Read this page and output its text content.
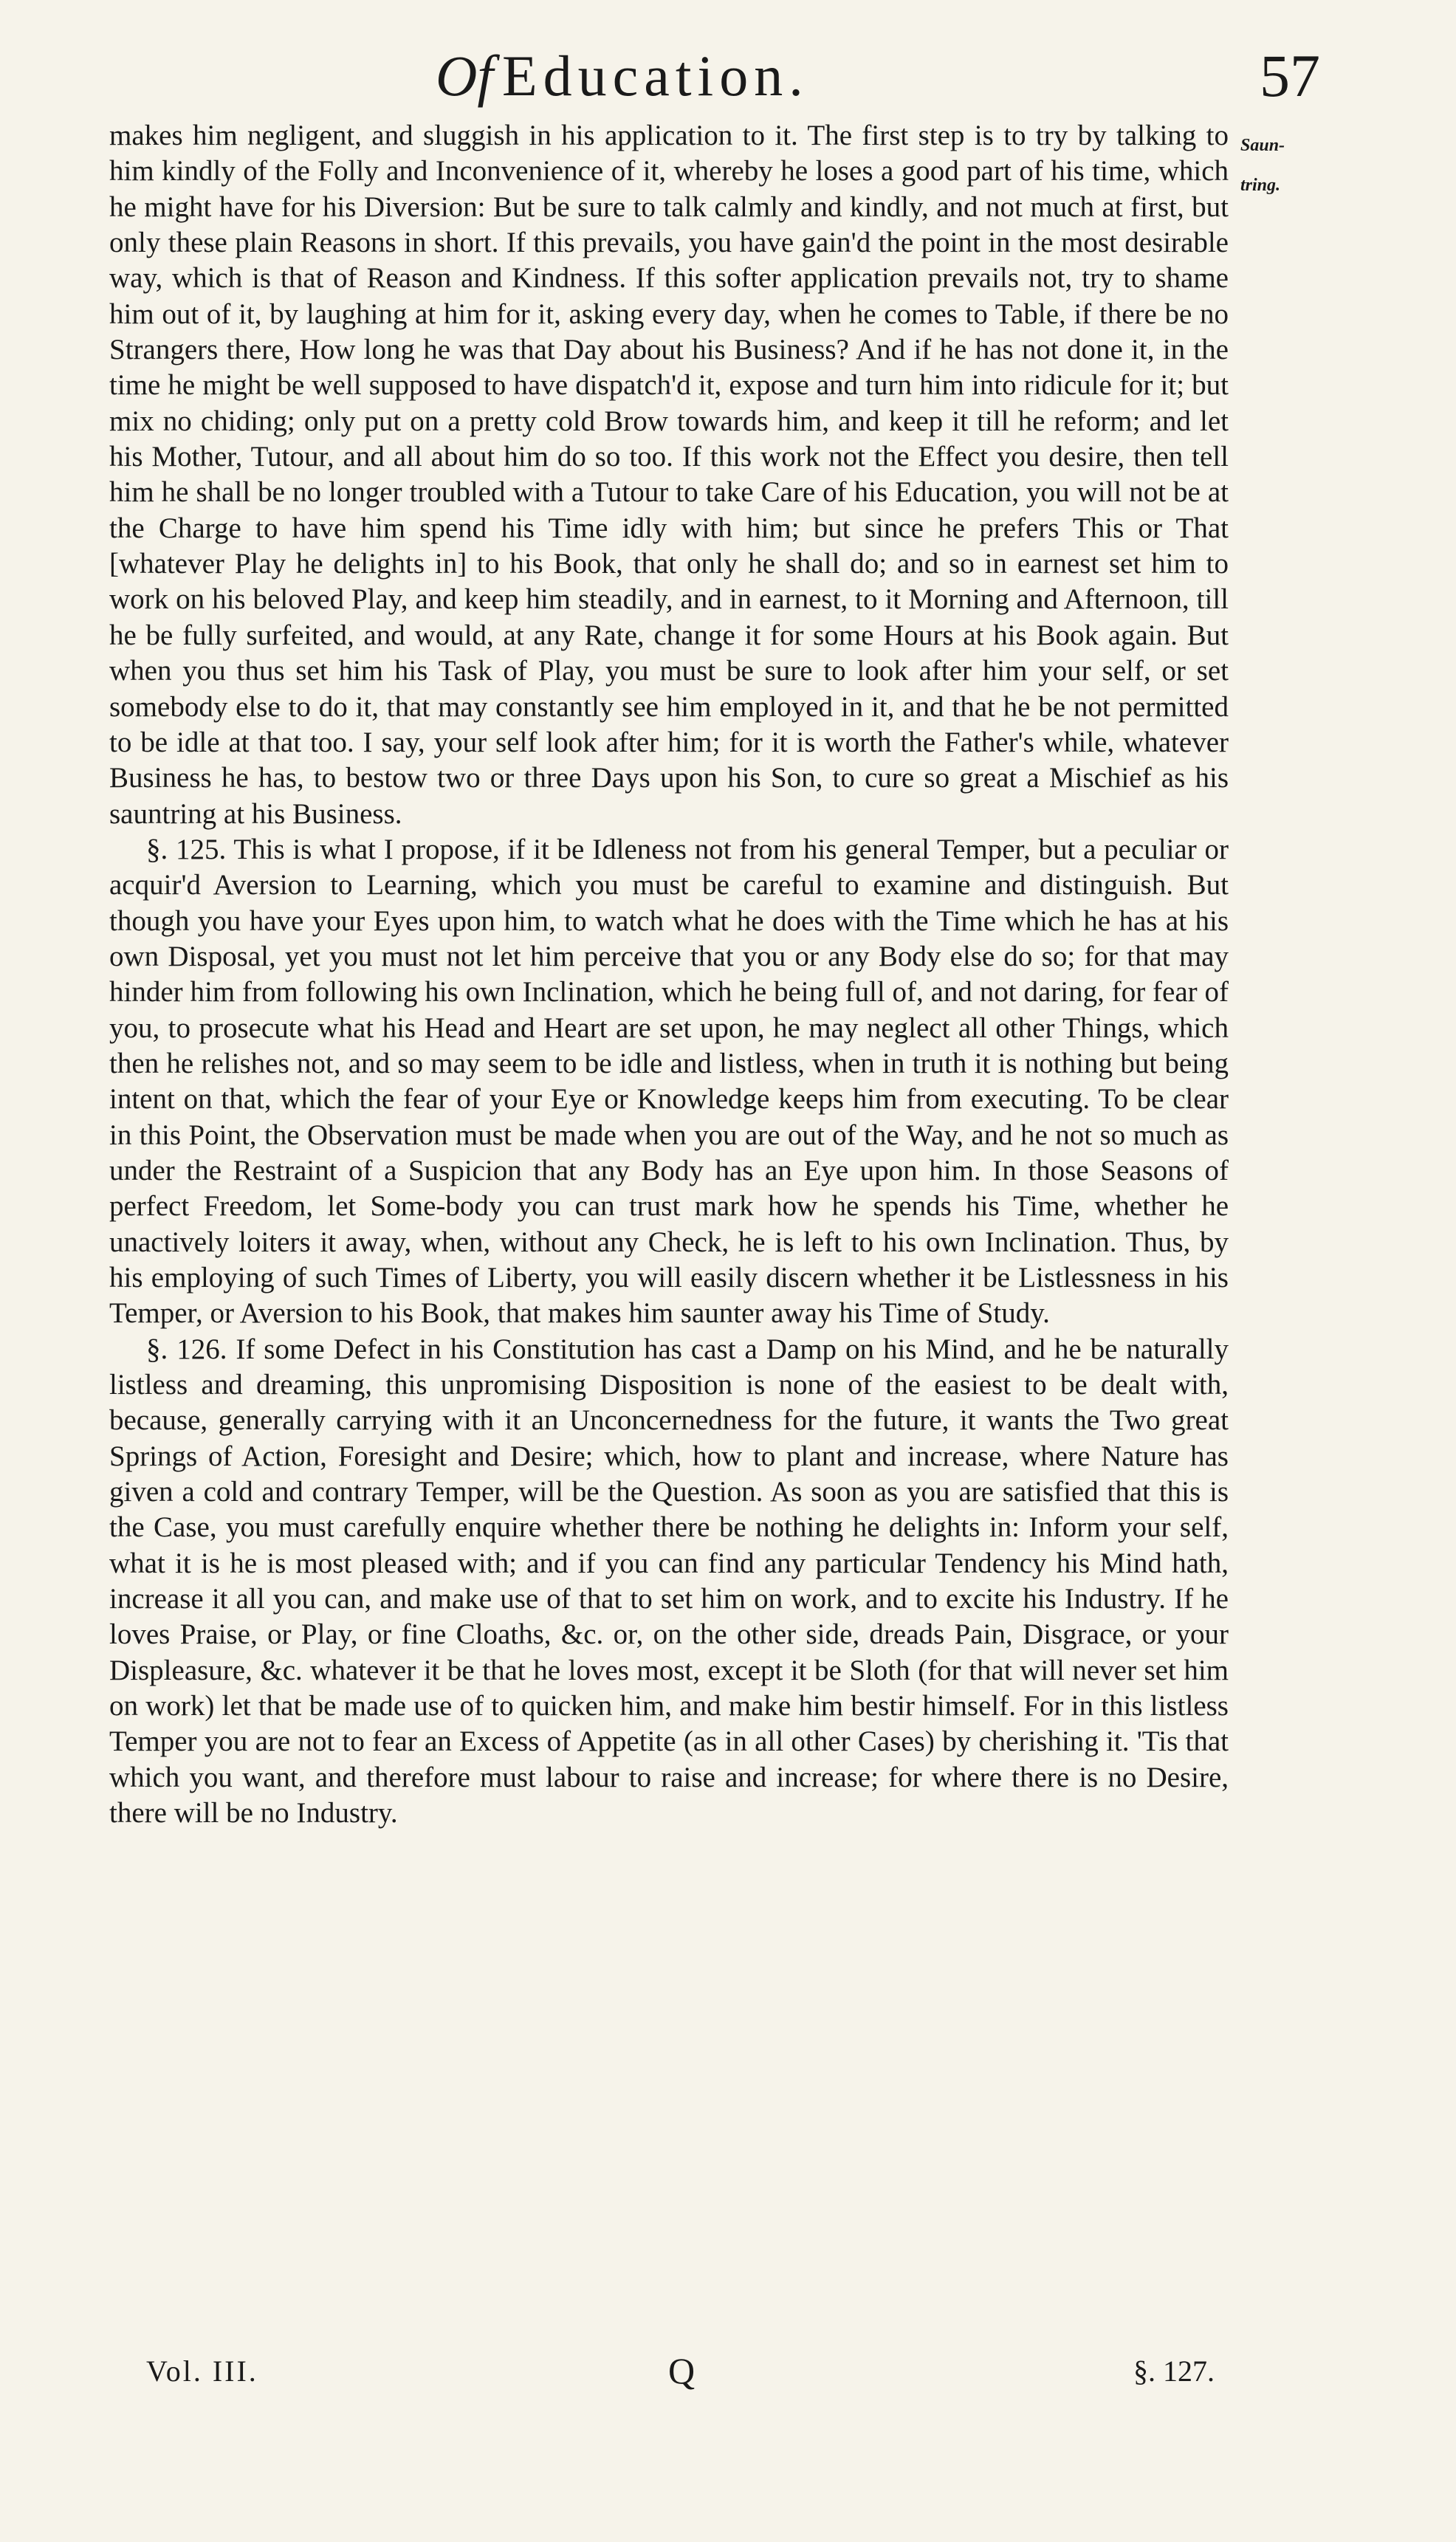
Of Education.	57
Saun-tring.

makes him negligent, and sluggish in his application to it. The first step is to try by talking to him kindly of the Folly and Inconvenience of it, whereby he loses a good part of his time, which he might have for his Diversion: But be sure to talk calmly and kindly, and not much at first, but only these plain Reasons in short. If this prevails, you have gain'd the point in the most desirable way, which is that of Reason and Kindness. If this softer application prevails not, try to shame him out of it, by laughing at him for it, asking every day, when he comes to Table, if there be no Strangers there, How long he was that Day about his Business? And if he has not done it, in the time he might be well supposed to have dispatch'd it, expose and turn him into ridicule for it; but mix no chiding; only put on a pretty cold Brow towards him, and keep it till he reform; and let his Mother, Tutour, and all about him do so too. If this work not the Effect you desire, then tell him he shall be no longer troubled with a Tutour to take Care of his Education, you will not be at the Charge to have him spend his Time idly with him; but since he prefers This or That [whatever Play he delights in] to his Book, that only he shall do; and so in earnest set him to work on his beloved Play, and keep him steadily, and in earnest, to it Morning and Afternoon, till he be fully surfeited, and would, at any Rate, change it for some Hours at his Book again. But when you thus set him his Task of Play, you must be sure to look after him your self, or set somebody else to do it, that may constantly see him employed in it, and that he be not permitted to be idle at that too. I say, your self look after him; for it is worth the Father's while, whatever Business he has, to bestow two or three Days upon his Son, to cure so great a Mischief as his sauntring at his Business.

§. 125. This is what I propose, if it be Idleness not from his general Temper, but a peculiar or acquir'd Aversion to Learning, which you must be careful to examine and distinguish. But though you have your Eyes upon him, to watch what he does with the Time which he has at his own Disposal, yet you must not let him perceive that you or any Body else do so; for that may hinder him from following his own Inclination, which he being full of, and not daring, for fear of you, to prosecute what his Head and Heart are set upon, he may neglect all other Things, which then he relishes not, and so may seem to be idle and listless, when in truth it is nothing but being intent on that, which the fear of your Eye or Knowledge keeps him from executing. To be clear in this Point, the Observation must be made when you are out of the Way, and he not so much as under the Restraint of a Suspicion that any Body has an Eye upon him. In those Seasons of perfect Freedom, let Some-body you can trust mark how he spends his Time, whether he unactively loiters it away, when, without any Check, he is left to his own Inclination. Thus, by his employing of such Times of Liberty, you will easily discern whether it be Listlessness in his Temper, or Aversion to his Book, that makes him saunter away his Time of Study.

§. 126. If some Defect in his Constitution has cast a Damp on his Mind, and he be naturally listless and dreaming, this unpromising Disposition is none of the easiest to be dealt with, because, generally carrying with it an Unconcernedness for the future, it wants the Two great Springs of Action, Foresight and Desire; which, how to plant and increase, where Nature has given a cold and contrary Temper, will be the Question. As soon as you are satisfied that this is the Case, you must carefully enquire whether there be nothing he delights in: Inform your self, what it is he is most pleased with; and if you can find any particular Tendency his Mind hath, increase it all you can, and make use of that to set him on work, and to excite his Industry. If he loves Praise, or Play, or fine Cloaths, &c. or, on the other side, dreads Pain, Disgrace, or your Displeasure, &c. whatever it be that he loves most, except it be Sloth (for that will never set him on work) let that be made use of to quicken him, and make him bestir himself. For in this listless Temper you are not to fear an Excess of Appetite (as in all other Cases) by cherishing it. 'Tis that which you want, and therefore must labour to raise and increase; for where there is no Desire, there will be no Industry.

Vol. III.	Q	§. 127.
